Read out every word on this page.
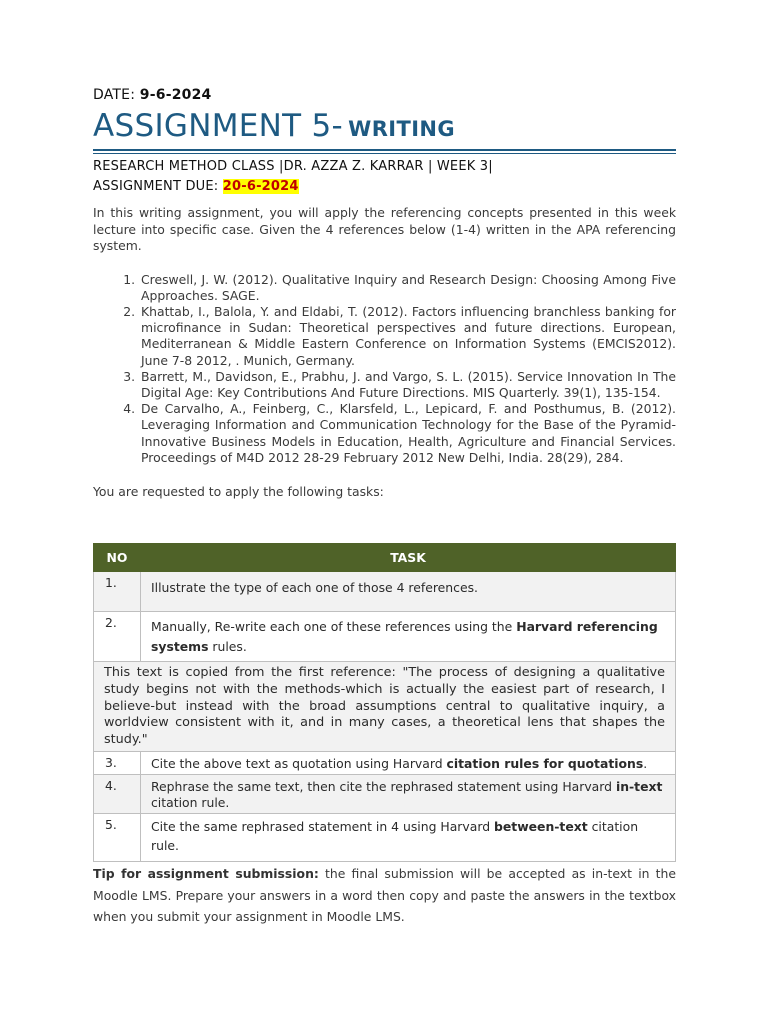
DATE: 9-6-2024
ASSIGNMENT 5- WRITING
RESEARCH METHOD CLASS |DR. AZZA Z. KARRAR | WEEK 3|
ASSIGNMENT DUE: 20-6-2024
In this writing assignment, you will apply the referencing concepts presented in this week lecture into specific case. Given the 4 references below (1-4) written in the APA referencing system.
1. Creswell, J. W. (2012). Qualitative Inquiry and Research Design: Choosing Among Five Approaches. SAGE.
2. Khattab, I., Balola, Y. and Eldabi, T. (2012). Factors influencing branchless banking for microfinance in Sudan: Theoretical perspectives and future directions. European, Mediterranean & Middle Eastern Conference on Information Systems (EMCIS2012). June 7-8 2012, . Munich, Germany.
3. Barrett, M., Davidson, E., Prabhu, J. and Vargo, S. L. (2015). Service Innovation In The Digital Age: Key Contributions And Future Directions. MIS Quarterly. 39(1), 135-154.
4. De Carvalho, A., Feinberg, C., Klarsfeld, L., Lepicard, F. and Posthumus, B. (2012). Leveraging Information and Communication Technology for the Base of the Pyramid-Innovative Business Models in Education, Health, Agriculture and Financial Services. Proceedings of M4D 2012 28-29 February 2012 New Delhi, India. 28(29), 284.
You are requested to apply the following tasks:
NO	TASK
1.	Illustrate the type of each one of those 4 references.
2.	Manually, Re-write each one of these references using the Harvard referencing systems rules.
This text is copied from the first reference: "The process of designing a qualitative study begins not with the methods-which is actually the easiest part of research, I believe-but instead with the broad assumptions central to qualitative inquiry, a worldview consistent with it, and in many cases, a theoretical lens that shapes the study."	
3.	Cite the above text as quotation using Harvard citation rules for quotations.
4.	Rephrase the same text, then cite the rephrased statement using Harvard in-text citation rule.
5.	Cite the same rephrased statement in 4 using Harvard between-text citation rule.
Tip for assignment submission: the final submission will be accepted as in-text in the Moodle LMS. Prepare your answers in a word then copy and paste the answers in the textbox when you submit your assignment in Moodle LMS.
